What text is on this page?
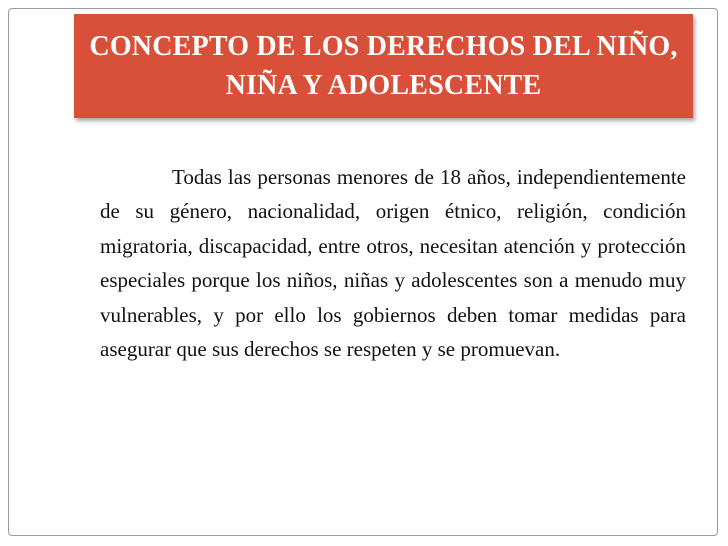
CONCEPTO DE LOS DERECHOS DEL NIÑO, NIÑA Y ADOLESCENTE

Todas las personas menores de 18 años, independientemente de su género, nacionalidad, origen étnico, religión, condición migratoria, discapacidad, entre otros, necesitan atención y protección especiales porque los niños, niñas y adolescentes son a menudo muy vulnerables, y por ello los gobiernos deben tomar medidas para asegurar que sus derechos se respeten y se promuevan.
